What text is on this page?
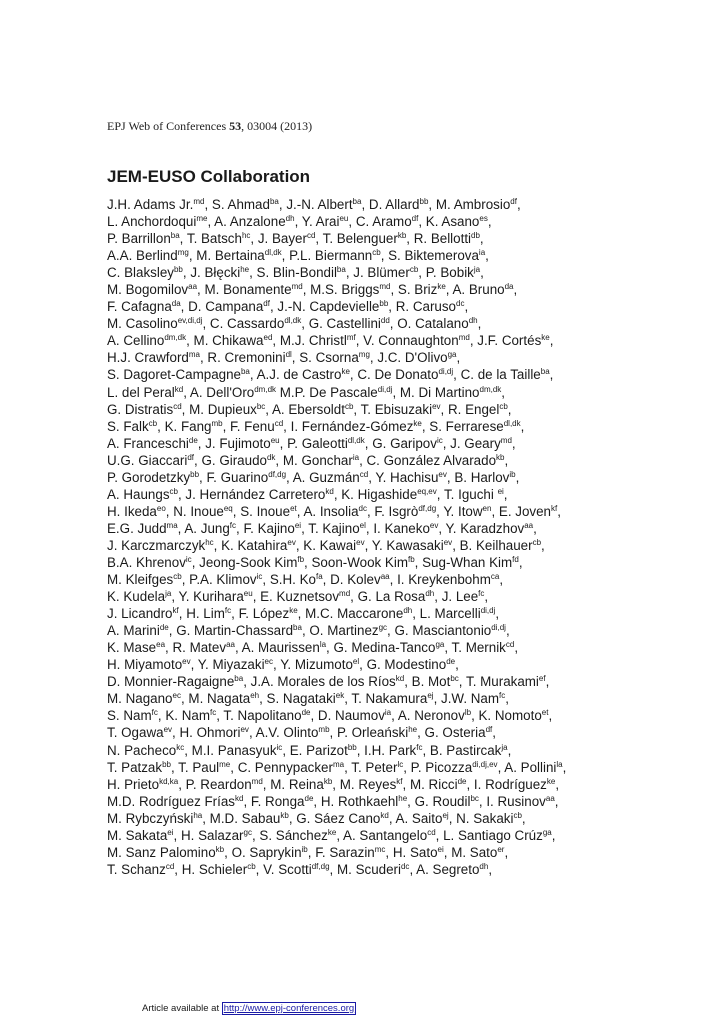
EPJ Web of Conferences 53, 03004 (2013)
JEM-EUSO Collaboration
J.H. Adams Jr.$^{md}$, S. Ahmad$^{ba}$, J.-N. Albert$^{ba}$, D. Allard$^{bb}$, M. Ambrosio$^{df}$,
L. Anchordoqui$^{me}$, A. Anzalone$^{dh}$, Y. Arai$^{eu}$, C. Aramo$^{df}$, K. Asano$^{es}$,
P. Barrillon$^{ba}$, T. Batsch$^{hc}$, J. Bayer$^{cd}$, T. Belenguer$^{kb}$, R. Bellotti$^{db}$,
A.A. Berlind$^{mg}$, M. Bertaina$^{dl,dk}$, P.L. Biermann$^{cb}$, S. Biktemerova$^{ia}$,
C. Blaksley$^{bb}$, J. Błęcki$^{he}$, S. Blin-Bondil$^{ba}$, J. Blümer$^{cb}$, P. Bobik$^{ja}$,
M. Bogomilov$^{aa}$, M. Bonamente$^{md}$, M.S. Briggs$^{md}$, S. Briz$^{ke}$, A. Bruno$^{da}$,
F. Cafagna$^{da}$, D. Campana$^{df}$, J.-N. Capdevielle$^{bb}$, R. Caruso$^{dc}$,
M. Casolino$^{ev,di,dj}$, C. Cassardo$^{dl,dk}$, G. Castellini$^{dd}$, O. Catalano$^{dh}$,
A. Cellino$^{dm,dk}$, M. Chikawa$^{ed}$, M.J. Christl$^{mf}$, V. Connaughton$^{md}$, J.F. Cortés$^{ke}$,
H.J. Crawford$^{ma}$, R. Cremonini$^{dl}$, S. Csorna$^{mg}$, J.C. D'Olivo$^{ga}$,
S. Dagoret-Campagne$^{ba}$, A.J. de Castro$^{ke}$, C. De Donato$^{di,dj}$, C. de la Taille$^{ba}$,
L. del Peral$^{kd}$, A. Dell'Oro$^{dm,dk}$ M.P. De Pascale$^{di,dj}$, M. Di Martino$^{dm,dk}$,
G. Distratis$^{cd}$, M. Dupieux$^{bc}$, A. Ebersoldt$^{cb}$, T. Ebisuzaki$^{ev}$, R. Engel$^{cb}$,
S. Falk$^{cb}$, K. Fang$^{mb}$, F. Fenu$^{cd}$, I. Fernández-Gómez$^{ke}$, S. Ferrarese$^{dl,dk}$,
A. Franceschi$^{de}$, J. Fujimoto$^{eu}$, P. Galeotti$^{dl,dk}$, G. Garipov$^{ic}$, J. Geary$^{md}$,
U.G. Giaccari$^{df}$, G. Giraudo$^{dk}$, M. Gonchar$^{ia}$, C. González Alvarado$^{kb}$,
P. Gorodetzky$^{bb}$, F. Guarino$^{df,dg}$, A. Guzmán$^{cd}$, Y. Hachisu$^{ev}$, B. Harlov$^{ib}$,
A. Haungs$^{cb}$, J. Hernández Carretero$^{kd}$, K. Higashide$^{eq,ev}$, T. Iguchi $^{ei}$,
H. Ikeda$^{eo}$, N. Inoue$^{eq}$, S. Inoue$^{et}$, A. Insolia$^{dc}$, F. Isgrò$^{df,dg}$, Y. Itow$^{en}$, E. Joven$^{kf}$,
E.G. Judd$^{ma}$, A. Jung$^{fc}$, F. Kajino$^{ei}$, T. Kajino$^{el}$, I. Kaneko$^{ev}$, Y. Karadzhov$^{aa}$,
J. Karczmarczyk$^{hc}$, K. Katahira$^{ev}$, K. Kawai$^{ev}$, Y. Kawasaki$^{ev}$, B. Keilhauer$^{cb}$,
B.A. Khrenov$^{ic}$, Jeong-Sook Kim$^{fb}$, Soon-Wook Kim$^{fb}$, Sug-Whan Kim$^{fd}$,
M. Kleifges$^{cb}$, P.A. Klimov$^{ic}$, S.H. $Ko^{fa}$, D. Kolev$^{aa}$, I. Kreykenbohm$^{ca}$,
K. Kudela$^{ja}$, Y. Kurihara$^{eu}$, E. Kuznetsov$^{md}$, G. La Rosa$^{dh}$, J. Lee$^{fc}$,
J. Licandro$^{kf}$, H. Lim$^{fc}$, F. López$^{ke}$, M.C. Maccarone$^{dh}$, L. Marcelli$^{di,dj}$,
A. Marini$^{de}$, G. Martin-Chassard$^{ba}$, O. Martinez$^{gc}$, G. Masciantonio$^{di,dj}$,
K. Mase$^{ea}$, R. Matev$^{aa}$, A. Maurissen$^{la}$, G. Medina-Tanco$^{ga}$, T. Mernik$^{cd}$,
H. Miyamoto$^{ev}$, Y. Miyazaki$^{ec}$, Y. Mizumoto$^{el}$, G. Modestino$^{de}$,
D. Monnier-Ragaigne$^{ba}$, J.A. Morales de los Ríos$^{kd}$, B. Mot$^{bc}$, T. Murakami$^{ef}$,
M. Nagano$^{ec}$, M. Nagata$^{eh}$, S. Nagataki$^{ek}$, T. Nakamura$^{ej}$, J.W. Nam$^{fc}$,
S. Nam$^{fc}$, K. Nam$^{fc}$, T. Napolitano$^{de}$, D. Naumov$^{ia}$, A. Neronov$^{lb}$, K. Nomoto$^{et}$,
T. Ogawa$^{ev}$, H. Ohmori$^{ev}$, A.V. Olinto$^{mb}$, P. Orleański$^{he}$, G. Osteria$^{df}$,
N. Pacheco$^{kc}$, M.I. Panasyuk$^{ic}$, E. Parizot$^{bb}$, I.H. Park$^{fc}$, B. Pastircak$^{ja}$,
T. Patzak$^{bb}$, T. Paul$^{me}$, C. Pennypacker$^{ma}$, T. Peter$^{lc}$, P. Picozza$^{di,dj,ev}$, A. Pollini$^{la}$,
H. Prieto$^{kd,ka}$, P. Reardon$^{md}$, M. Reina$^{kb}$, M. Reyes$^{kf}$, M. Ricci$^{de}$, I. Rodríguez$^{ke}$,
M.D. Rodríguez Frías$^{kd}$, F. Ronga$^{de}$, H. Rothkaehl$^{he}$, G. Roudil$^{bc}$, I. Rusinov$^{aa}$,
M. Rybczyński$^{ha}$, M.D. Sabau$^{kb}$, G. Sáez Cano$^{kd}$, A. Saito$^{ej}$, N. Sakaki$^{cb}$,
M. Sakata$^{ei}$, H. Salazar$^{gc}$, S. Sánchez$^{ke}$, A. Santangelo$^{cd}$, L. Santiago Crúz$^{ga}$,
M. Sanz Palomino$^{kb}$, O. Saprykin$^{ib}$, F. Sarazin$^{mc}$, H. Sato$^{ei}$, M. Sato$^{er}$,
T. Schanz$^{cd}$, H. Schieler$^{cb}$, V. Scotti$^{df,dg}$, M. Scuderi$^{dc}$, A. Segreto$^{dh}$,
Article available at http://www.epj-conferences.org
